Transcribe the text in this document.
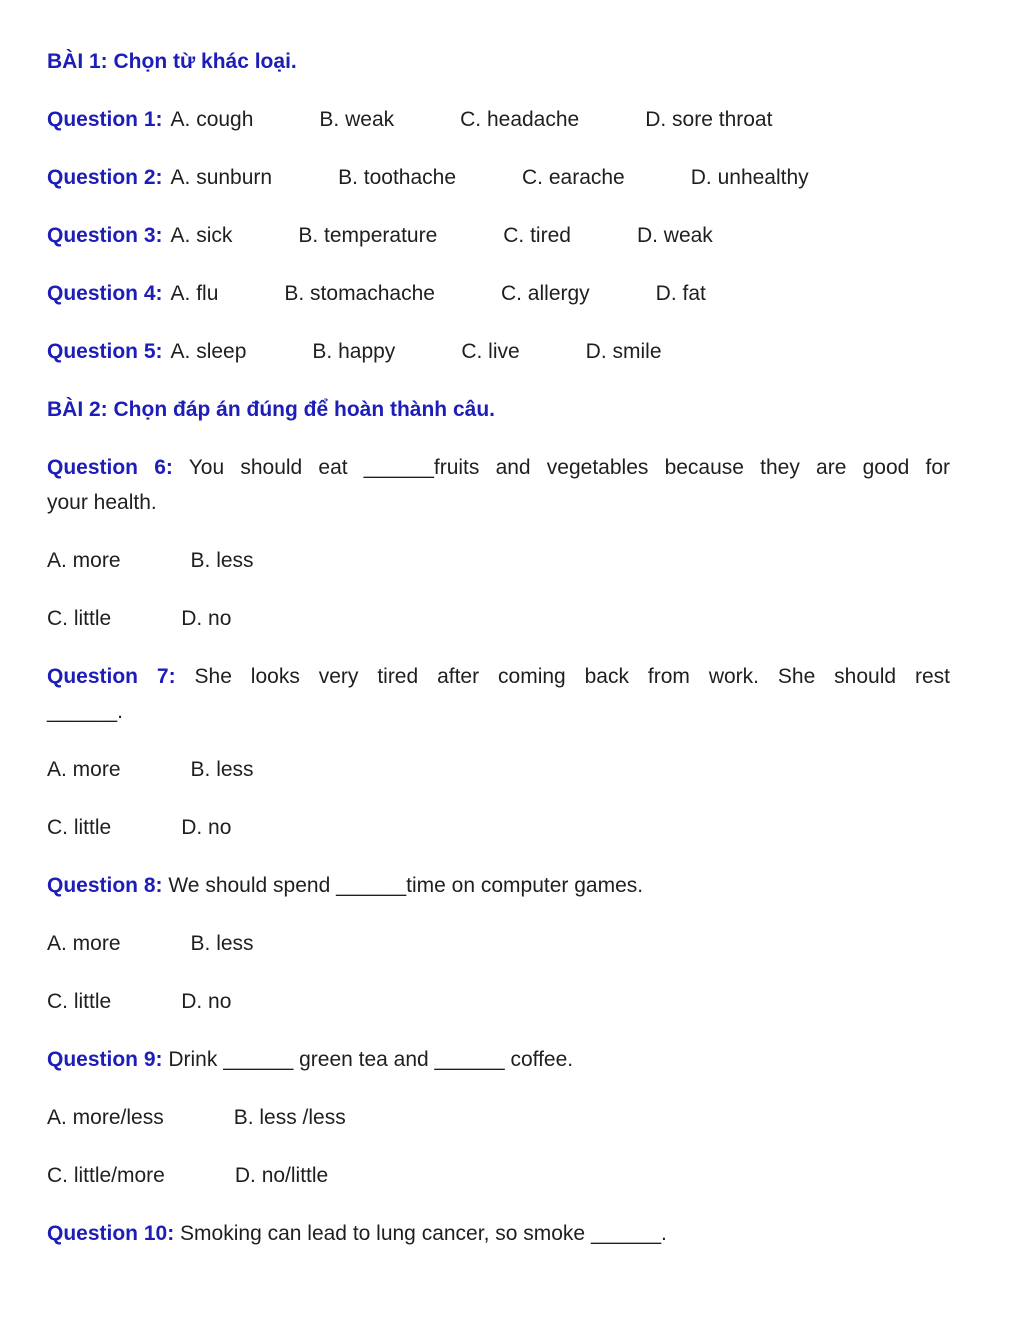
BÀI 1: Chọn từ khác loại.

Question 1: A. cough	B. weak	C. headache	D. sore throat

Question 2: A. sunburn	B. toothache	C. earache	D. unhealthy

Question 3: A. sick	B. temperature	C. tired	D. weak

Question 4: A. flu	B. stomachache	C. allergy	D. fat

Question 5: A. sleep	B. happy	C. live	D. smile

BÀI 2: Chọn đáp án đúng để hoàn thành câu.
Question 6: You should eat ______fruits and vegetables because they are good for
your health.

A. more	B. less

C. little	D. no

Question 7: She looks very tired after coming back from work. She should rest
______.

A. more	B. less

C. little	D. no

Question 8: We should spend ______time on computer games.

A. more	B. less

C. little	D. no

Question 9: Drink ______ green tea and ______ coffee.

A. more/less	B. less /less

C. little/more	D. no/little

Question 10: Smoking can lead to lung cancer, so smoke ______.
